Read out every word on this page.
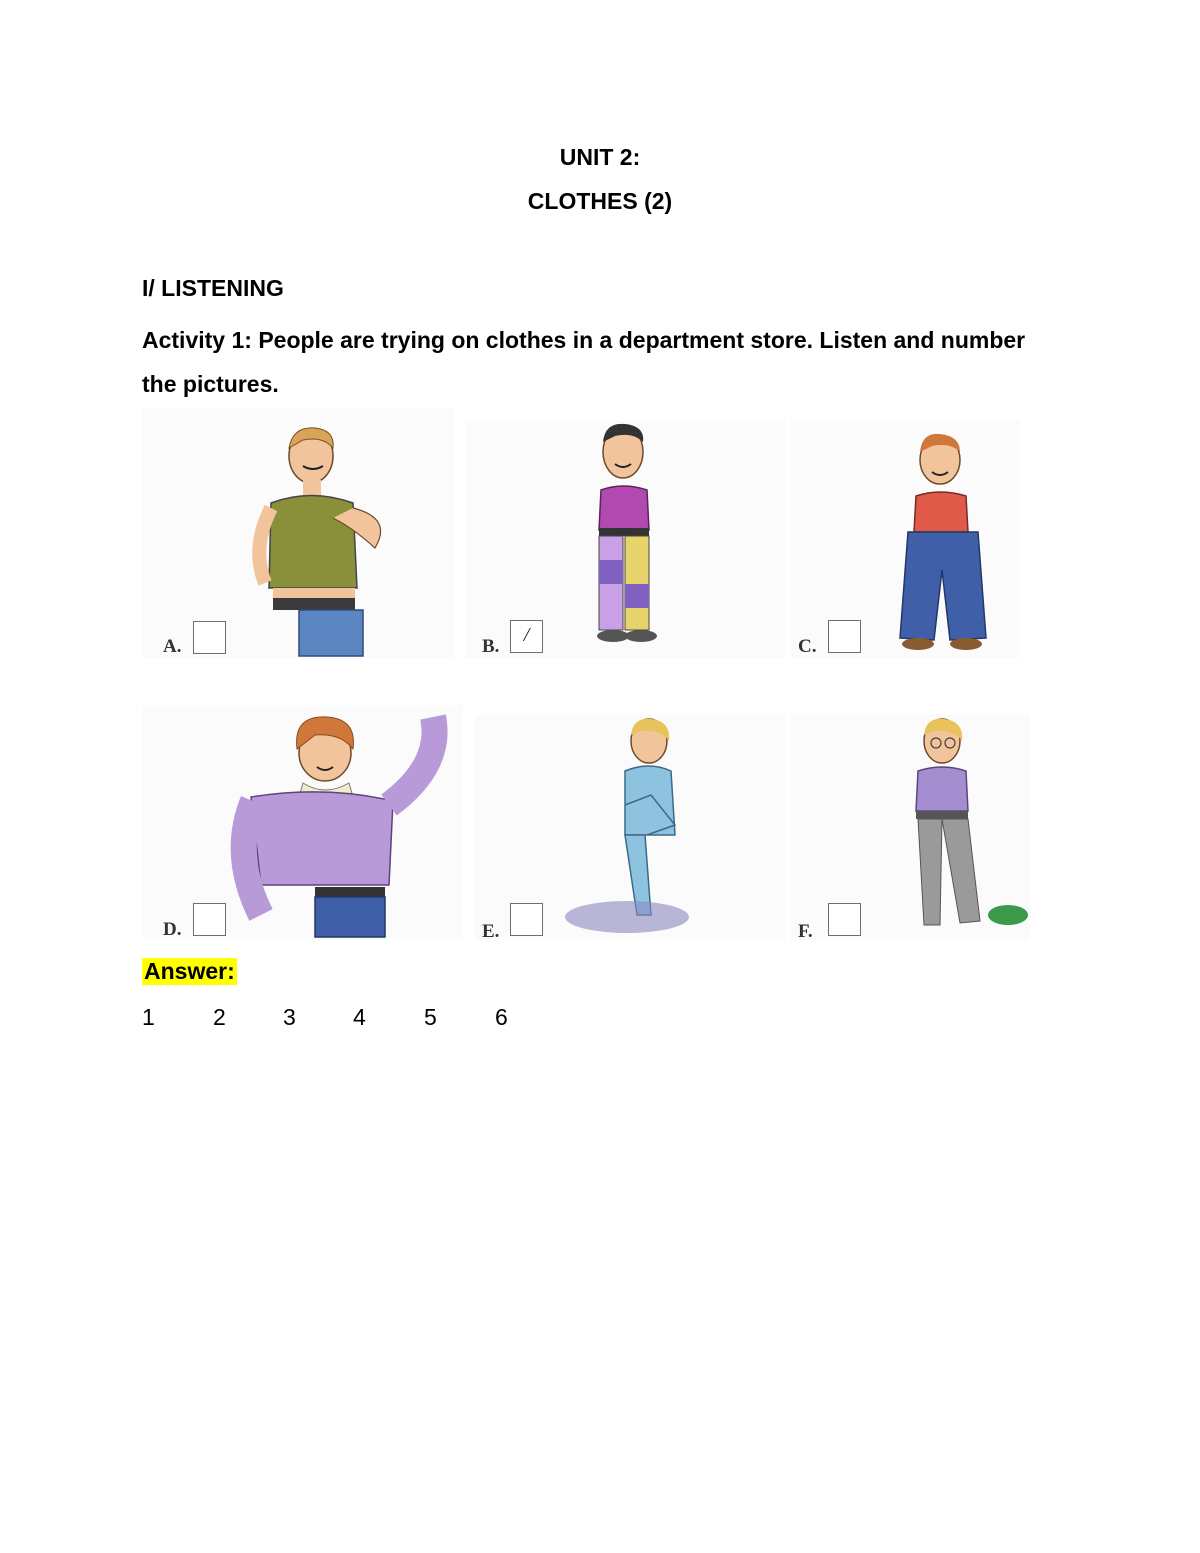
UNIT 2:
CLOTHES (2)
I/ LISTENING
Activity 1: People are trying on clothes in a department store. Listen and number the pictures.
A.	B.
/
C.
D.	E.	F.
Answer:
1	2 3 4	5	6
